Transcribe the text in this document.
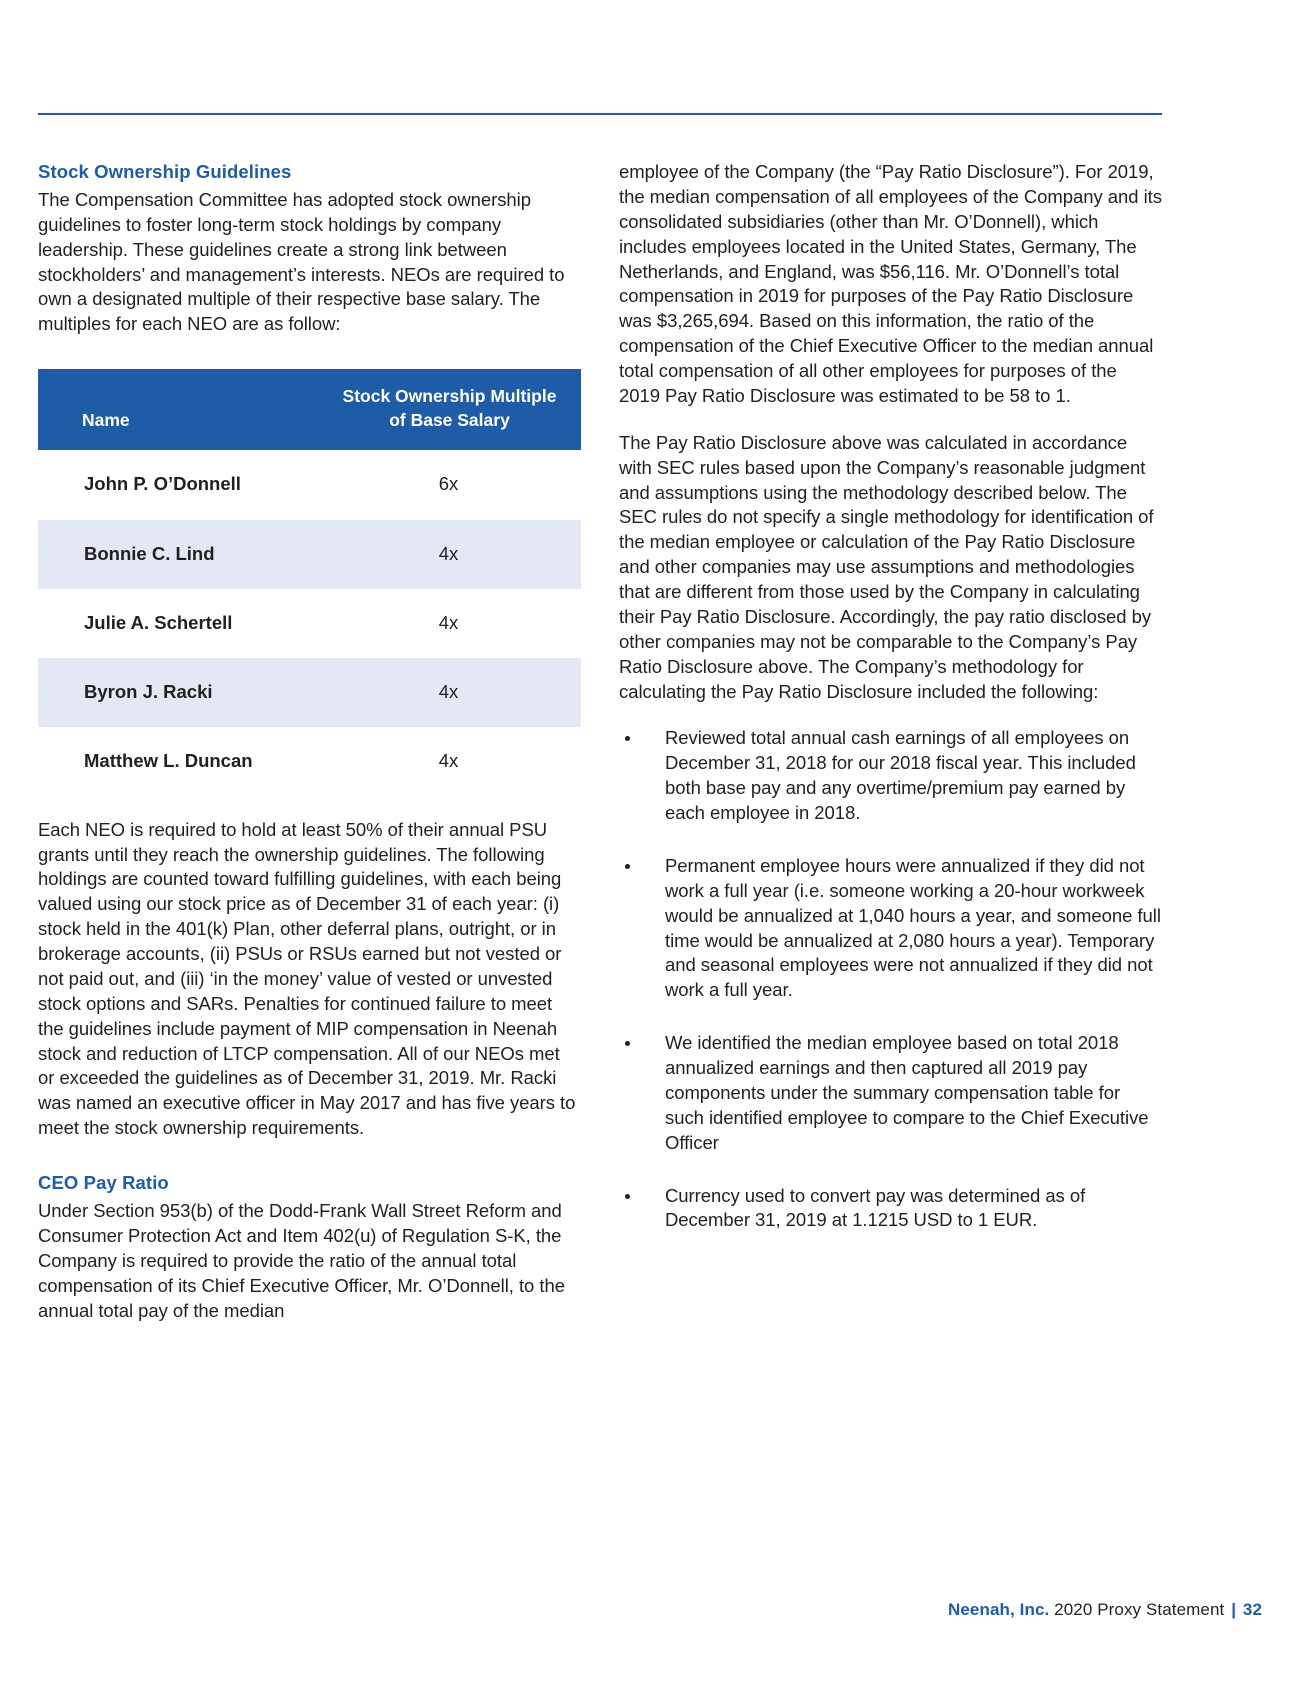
Stock Ownership Guidelines

The Compensation Committee has adopted stock ownership guidelines to foster long-term stock holdings by company leadership. These guidelines create a strong link between stockholders’ and management’s interests. NEOs are required to own a designated multiple of their respective base salary. The multiples for each NEO are as follow:

Name	Stock Ownership Multiple
of Base Salary
John P. O’Donnell	6x
Bonnie C. Lind	4x
Julie A. Schertell	4x
Byron J. Racki	4x
Matthew L. Duncan	4x

Each NEO is required to hold at least 50% of their annual PSU grants until they reach the ownership guidelines. The following holdings are counted toward fulfilling guidelines, with each being valued using our stock price as of December 31 of each year: (i) stock held in the 401(k) Plan, other deferral plans, outright, or in brokerage accounts, (ii) PSUs or RSUs earned but not vested or not paid out, and (iii) ‘in the money’ value of vested or unvested stock options and SARs. Penalties for continued failure to meet the guidelines include payment of MIP compensation in Neenah stock and reduction of LTCP compensation. All of our NEOs met or exceeded the guidelines as of December 31, 2019. Mr. Racki was named an executive officer in May 2017 and has five years to meet the stock ownership requirements.

CEO Pay Ratio

Under Section 953(b) of the Dodd-Frank Wall Street Reform and Consumer Protection Act and Item 402(u) of Regulation S-K, the Company is required to provide the ratio of the annual total compensation of its Chief Executive Officer, Mr. O’Donnell, to the annual total pay of the median

employee of the Company (the “Pay Ratio Disclosure”). For 2019, the median compensation of all employees of the Company and its consolidated subsidiaries (other than Mr. O’Donnell), which includes employees located in the United States, Germany, The Netherlands, and England, was $56,116. Mr. O’Donnell’s total compensation in 2019 for purposes of the Pay Ratio Disclosure was $3,265,694. Based on this information, the ratio of the compensation of the Chief Executive Officer to the median annual total compensation of all other employees for purposes of the 2019 Pay Ratio Disclosure was estimated to be 58 to 1.

The Pay Ratio Disclosure above was calculated in accordance with SEC rules based upon the Company’s reasonable judgment and assumptions using the methodology described below. The SEC rules do not specify a single methodology for identification of the median employee or calculation of the Pay Ratio Disclosure and other companies may use assumptions and methodologies that are different from those used by the Company in calculating their Pay Ratio Disclosure. Accordingly, the pay ratio disclosed by other companies may not be comparable to the Company’s Pay Ratio Disclosure above. The Company’s methodology for calculating the Pay Ratio Disclosure included the following:

Reviewed total annual cash earnings of all employees on December 31, 2018 for our 2018 fiscal year. This included both base pay and any overtime/premium pay earned by each employee in 2018.
Permanent employee hours were annualized if they did not work a full year (i.e. someone working a 20-hour workweek would be annualized at 1,040 hours a year, and someone full time would be annualized at 2,080 hours a year). Temporary and seasonal employees were not annualized if they did not work a full year.
We identified the median employee based on total 2018 annualized earnings and then captured all 2019 pay components under the summary compensation table for such identified employee to compare to the Chief Executive Officer
Currency used to convert pay was determined as of December 31, 2019 at 1.1215 USD to 1 EUR.
Neenah, Inc. 2020 Proxy Statement | 32
